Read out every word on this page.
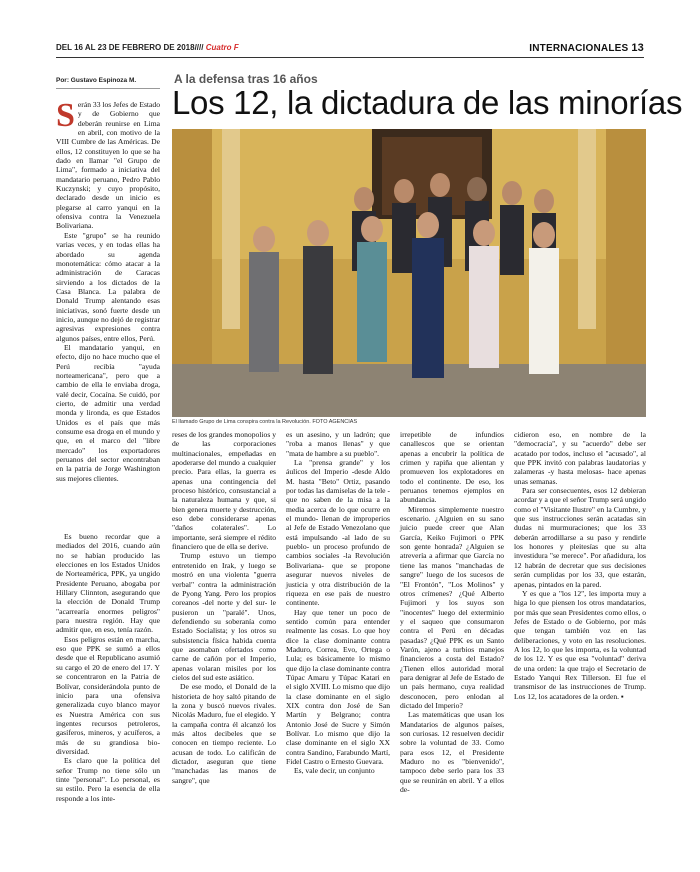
DEL 16 AL 23 DE FEBRERO DE 2018//// Cuatro F	INTERNACIONALES 13
Por: Gustavo Espinoza M.	A la defensa tras 16 años
Los 12, la dictadura de las minorías
El llamado Grupo de Lima conspira contra la Revolución. FOTO AGENCIAS

Serán 33 los Jefes de Estado y de Gobierno que deberán reunirse en Lima en abril, con motivo de la VIII Cumbre de las Américas. De ellos, 12 constituyen lo que se ha dado en llamar "el Grupo de Lima", formado a iniciativa del mandatario peruano, Pedro Pablo Kuczynski; y cuyo propósito, declarado desde un inicio es plegarse al carro yanqui en la ofensiva contra la Venezuela Bolivariana.

Este "grupo" se ha reunido varias veces, y en todas ellas ha abordado su agenda monotemática: cómo atacar a la administración de Caracas sirviendo a los dictados de la Casa Blanca. La palabra de Donald Trump alentando esas iniciativas, sonó fuerte desde un inicio, aunque no dejó de registrar agresivas expresiones contra algunos países, entre ellos, Perú.

El mandatario yanqui, en efecto, dijo no hace mucho que el Perú recibía "ayuda norteamericana", pero que a cambio de ella le enviaba droga, valé decir, Cocaína. Se cuidó, por cierto, de admitir una verdad monda y lironda, es que Estados Unidos es el país que más consume esa droga en el mundo y que, en el marco del "libre mercado" los exportadores peruanos del sector encontraban en la patria de Jorge Washington sus mejores clientes.

Es bueno recordar que a mediados del 2016, cuando aún no se habían producido las elecciones en los Estados Unidos de Norteamérica, PPK, ya ungido Presidente Peruano, abogaba por Hillary Clinnton, asegurando que la elección de Donald Trump "acarrearía enormes peligros" para nuestra región. Hay que admitir que, en eso, tenía razón.

Esos peligros están en marcha, eso que PPK se sumó a ellos desde que el Republicano asumió su cargo el 20 de enero del 17. Y se concentraron en la Patria de Bolívar, considerándola punto de inicio para una ofensiva generalizada cuyo blanco mayor es Nuestra América con sus ingentes recursos petroleros, gasíferos, mineros, y acuíferos, a más de su grandiosa bio-diversidad.

Es claro que la política del señor Trump no tiene sólo un tinte "personal". Lo personal, es su estilo. Pero la esencia de ella responde a los inte-

reses de los grandes monopolios y de las corporaciones multinacionales, empeñadas en apoderarse del mundo a cualquier precio. Para ellas, la guerra es apenas una contingencia del proceso histórico, consustancial a la naturaleza humana y que, si bien genera muerte y destrucción, eso debe considerarse apenas "daños colaterales". Lo importante, será siempre el rédito financiero que de ella se derive.

Trump estuvo un tiempo entretenido en Irak, y luego se mostró en una violenta "guerra verbal" contra la administración de Pyong Yang. Pero los propios coreanos -del norte y del sur- le pusieron un "paralé". Unos, defendiendo su soberanía como Estado Socialista; y los otros su subsistencia física habida cuenta que asomaban ofertados como carne de cañón por el Imperio, apenas volaran misiles por los cielos del sud este asiático.

De ese modo, el Donald de la historieta de hoy saltó pitando de la zona y buscó nuevos rivales. Nicolás Maduro, fue el elegido. Y la campaña contra él alcanzó los más altos decibeles que se conocen en tiempo reciente. Lo acusan de todo. Lo calificán de dictador, aseguran que tiene "manchadas las manos de sangre", que

es un asesino, y un ladrón; que "roba a manos llenas" y que "mata de hambre a su pueblo".

La "prensa grande" y los áulicos del Imperio -desde Aldo M. hasta "Beto" Ortiz, pasando por todas las damiselas de la tele -que no saben de la misa a la media acerca de lo que ocurre en el mundo- llenan de improperios al Jefe de Estado Venezolano que está impulsando -al lado de su pueblo- un proceso profundo de cambios sociales -la Revolución Bolivariana- que se propone asegurar nuevos niveles de justicia y otra distribución de la riqueza en ese país de nuestro continente.

Hay que tener un poco de sentido común para entender realmente las cosas. Lo que hoy dice la clase dominante contra Maduro, Correa, Evo, Ortega o Lula; es básicamente lo mismo que dijo la clase dominante contra Túpac Amaru y Túpac Katari en el siglo XVIII. Lo mismo que dijo la clase dominante en el siglo XIX contra don José de San Martín y Belgrano; contra Antonio José de Sucre y Simón Bolívar. Lo mismo que dijo la clase dominante en el siglo XX contra Sandino, Farabundo Martí, Fidel Castro o Ernesto Guevara.

Es, vale decir, un conjunto

irrepetible de infundios canallescos que se orientan apenas a encubrir la política de crimen y rapiña que alientan y promueven los explotadores en todo el continente. De eso, los peruanos tenemos ejemplos en abundancia.

Miremos simplemente nuestro escenario. ¿Alguien en su sano juicio puede creer que Alan García, Keiko Fujimori o PPK son gente honrada? ¿Alguien se atrevería a afirmar que García no tiene las manos "manchadas de sangre" luego de los sucesos de "El Frontón", "Los Molinos" y otros crímenes? ¿Qué Alberto Fujimori y los suyos son "inocentes" luego del exterminio y el saqueo que consumaron contra el Perú en décadas pasadas? ¿Qué PPK es un Santo Varón, ajeno a turbios manejos financieros a costa del Estado? ¿Tienen ellos autoridad moral para denigrar al Jefe de Estado de un país hermano, cuya realidad desconocen, pero enlodan al dictado del Imperio?

Las matemáticas que usan los Mandatarios de algunos países, son curiosas. 12 resuelven decidir sobre la voluntad de 33. Como para esos 12, el Presidente Maduro no es "bienvenido", tampoco debe serlo para los 33 que se reunirán en abril. Y a ellos de-

cidieron eso, en nombre de la "democracia", y su "acuerdo" debe ser acatado por todos, incluso el "acusado", al que PPK invitó con palabras laudatorias y zalameras -y hasta melosas- hace apenas unas semanas.

Para ser consecuentes, esos 12 debieran acordar y a que el señor Trump será ungido como el "Visitante Ilustre" en la Cumbre, y que sus instrucciones serán acatadas sin dudas ni murmuraciones; que los 33 deberán arrodillarse a su paso y rendirle los honores y pleitesías que su alta investidura "se merece". Por añadidura, los 12 habrán de decretar que sus decisiones serán cumplidas por los 33, que estarán, apenas, pintados en la pared.

Y es que a "los 12", les importa muy a higa lo que piensen los otros mandatarios, por más que sean Presidentes como ellos, o Jefes de Estado o de Gobierno, por más que tengan también voz en las deliberaciones, y voto en las resoluciones. A los 12, lo que les importa, es la voluntad de los 12. Y es que esa "voluntad" deriva de una orden: la que trajo el Secretario de Estado Yanqui Rex Tillerson. El fue el transmisor de las instrucciones de Trump. Los 12, los acatadores de la orden. ▪
